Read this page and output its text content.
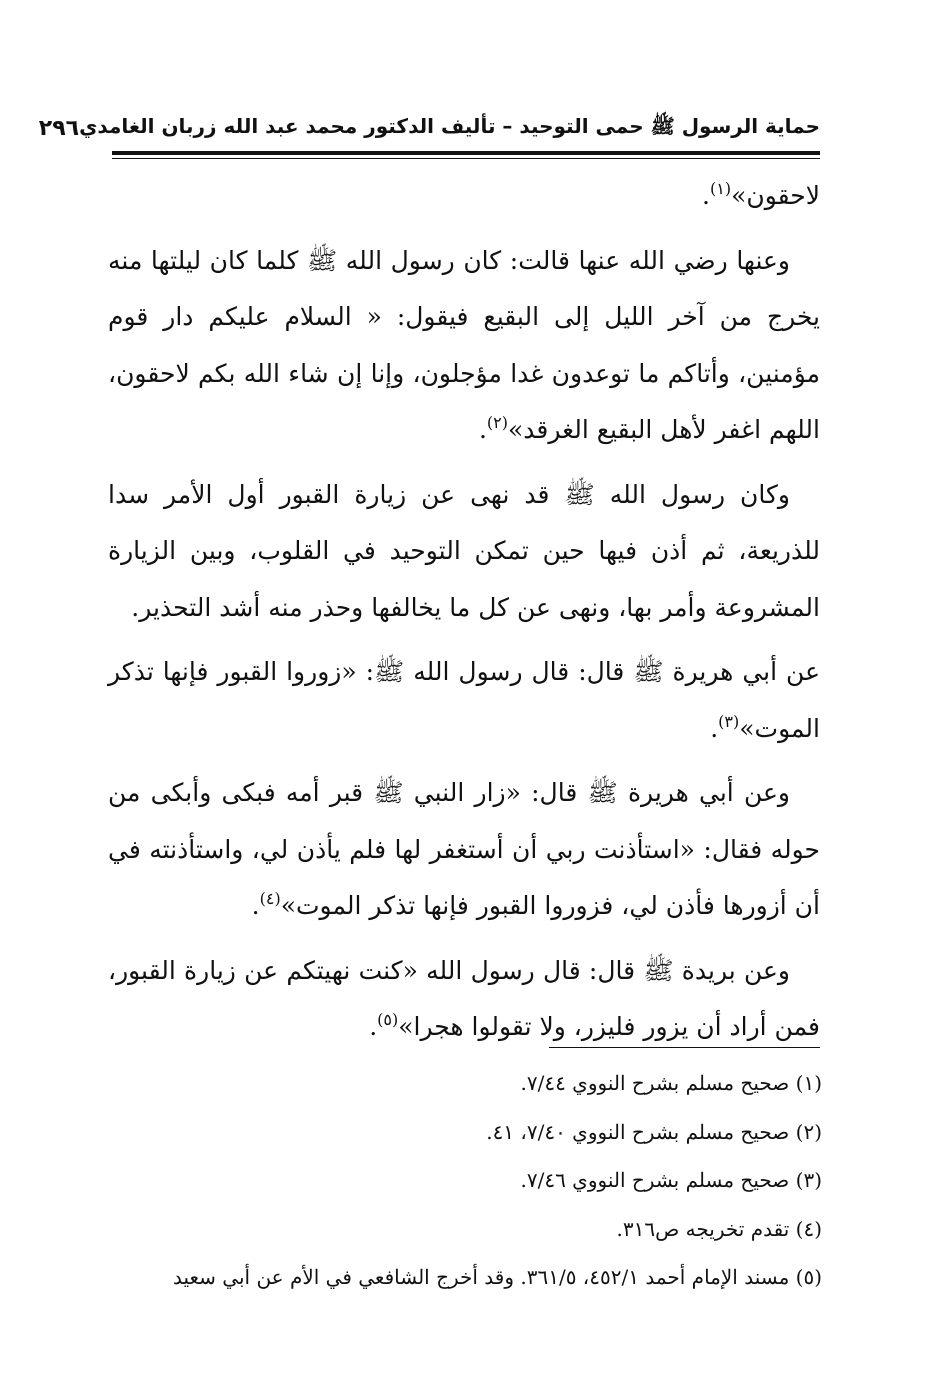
حماية الرسول ﷺ حمى التوحيد – تأليف الدكتور محمد عبد الله زربان الغامدي
٢٩٦

لاحقون»$^{(١)}$.

وعنها رضي الله عنها قالت: كان رسول الله ﷺ كلما كان ليلتها منه يخرج من آخر الليل إلى البقيع فيقول: « السلام عليكم دار قوم مؤمنين، وأتاكم ما توعدون غدا مؤجلون، وإنا إن شاء الله بكم لاحقون، اللهم اغفر لأهل البقيع الغرقد»$^{(٢)}$.

وكان رسول الله ﷺ قد نهى عن زيارة القبور أول الأمر سدا للذريعة، ثم أذن فيها حين تمكن التوحيد في القلوب، وبين الزيارة المشروعة وأمر بها، ونهى عن كل ما يخالفها وحذر منه أشد التحذير.

عن أبي هريرة ﷺ قال: قال رسول الله ﷺ: «زوروا القبور فإنها تذكر الموت»$^{(٣)}$.

وعن أبي هريرة ﷺ قال: «زار النبي ﷺ قبر أمه فبكى وأبكى من حوله فقال: «استأذنت ربي أن أستغفر لها فلم يأذن لي، واستأذنته في أن أزورها فأذن لي، فزوروا القبور فإنها تذكر الموت»$^{(٤)}$.

وعن بريدة ﷺ قال: قال رسول الله «كنت نهيتكم عن زيارة القبور، فمن أراد أن يزور فليزر، ولا تقولوا هجرا»$^{(٥)}$.

(١) صحيح مسلم بشرح النووي ٧/٤٤.

(٢) صحيح مسلم بشرح النووي ٧/٤٠، ٤١.

(٣) صحيح مسلم بشرح النووي ٧/٤٦.

(٤) تقدم تخريجه ص٣١٦.

(٥) مسند الإمام أحمد ٤٥٢/١، ٣٦١/٥. وقد أخرج الشافعي في الأم عن أبي سعيد
